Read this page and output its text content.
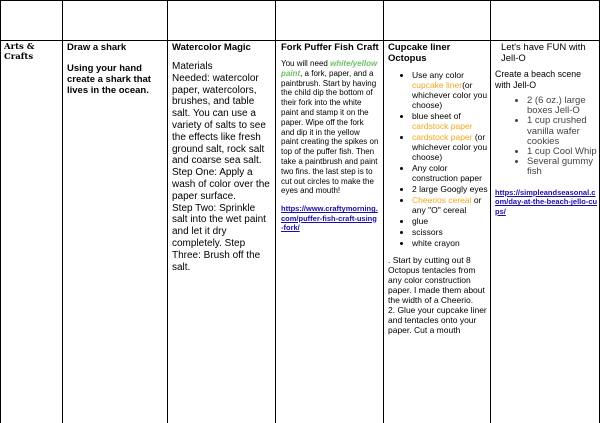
Arts & Crafts

Draw a shark

Using your hand create a shark that lives in the ocean.

Watercolor Magic
Materials
Needed: watercolor paper, watercolors, brushes, and table salt. You can use a variety of salts to see the effects like fresh ground salt, rock salt and coarse sea salt.
Step One: Apply a wash of color over the paper surface.
Step Two: Sprinkle salt into the wet paint and let it dry completely. Step Three: Brush off the salt.
Fork Puffer Fish Craft
You will need white/yellow paint, a fork, paper, and a paintbrush. Start by having the child dip the bottom of their fork into the white paint and stamp it on the paper. Wipe off the fork and dip it in the yellow paint creating the spikes on top of the puffer fish. Then take a paintbrush and paint two fins. the last step is to cut out circles to make the eyes and mouth!
https://www.craftymorning.com/puffer-fish-craft-using-fork/
Cupcake liner Octopus
• Use any color cupcake liner(or whichever color you choose)
• blue sheet of cardstock paper
• cardstock paper (or whichever color you choose)
• Any color construction paper
• 2 large Googly eyes
• Cheerios cereal or any "O" cereal
• glue
• scissors
• white crayon
. Start by cutting out 8 Octopus tentacles from any color construction paper. I made them about the width of a Cheerio.
2. Glue your cupcake liner and tentacles onto your paper. Cut a mouth
Let's have FUN with Jell-O
Create a beach scene with Jell-O
• 2 (6 oz.) large boxes Jell-O
• 1 cup crushed vanilla wafer cookies
• 1 cup Cool Whip
• Several gummy fish
https://simpleandseasonal.com/day-at-the-beach-jello-cups/
